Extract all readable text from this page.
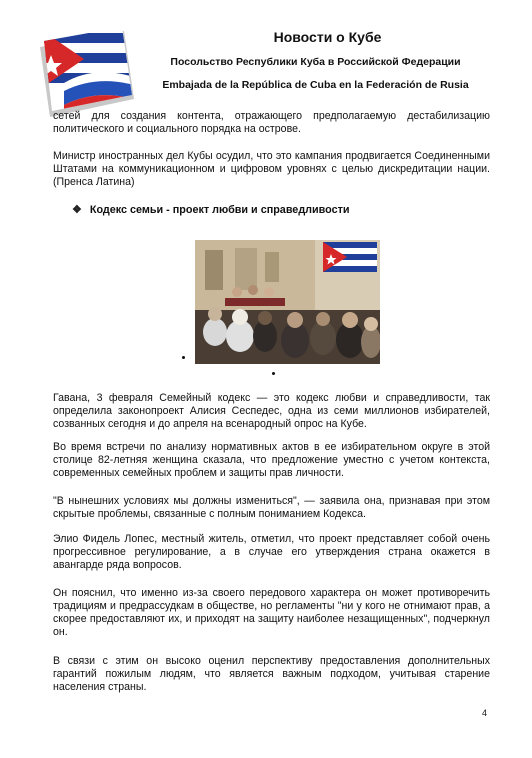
Новости о Кубе
Посольство Республики Куба в Российской Федерации
Embajada de la República de Cuba en la Federación de Rusia
сетей для создания контента, отражающего предполагаемую дестабилизацию политического и социального порядка на острове.
Министр иностранных дел Кубы осудил, что это кампания продвигается Соединенными Штатами на коммуникационном и цифровом уровнях с целью дискредитации нации. (Пренса Латина)
❖ Кодекс семьи - проект любви и справедливости
Гавана, 3 февраля Семейный кодекс — это кодекс любви и справедливости, так определила законопроект Алисия Сеспедес, одна из семи миллионов избирателей, созванных сегодня и до апреля на всенародный опрос на Кубе.
Во время встречи по анализу нормативных актов в ее избирательном округе в этой столице 82-летняя женщина сказала, что предложение уместно с учетом контекста, современных семейных проблем и защиты прав личности.
"В нынешних условиях мы должны измениться", — заявила она, признавая при этом скрытые проблемы, связанные с полным пониманием Кодекса.
Элио Фидель Лопес, местный житель, отметил, что проект представляет собой очень прогрессивное регулирование, а в случае его утверждения страна окажется в авангарде ряда вопросов.
Он пояснил, что именно из-за своего передового характера он может противоречить традициям и предрассудкам в обществе, но регламенты "ни у кого не отнимают прав, а скорее предоставляют их, и приходят на защиту наиболее незащищенных", подчеркнул он.
В связи с этим он высоко оценил перспективу предоставления дополнительных гарантий пожилым людям, что является важным подходом, учитывая старение населения страны.
4
